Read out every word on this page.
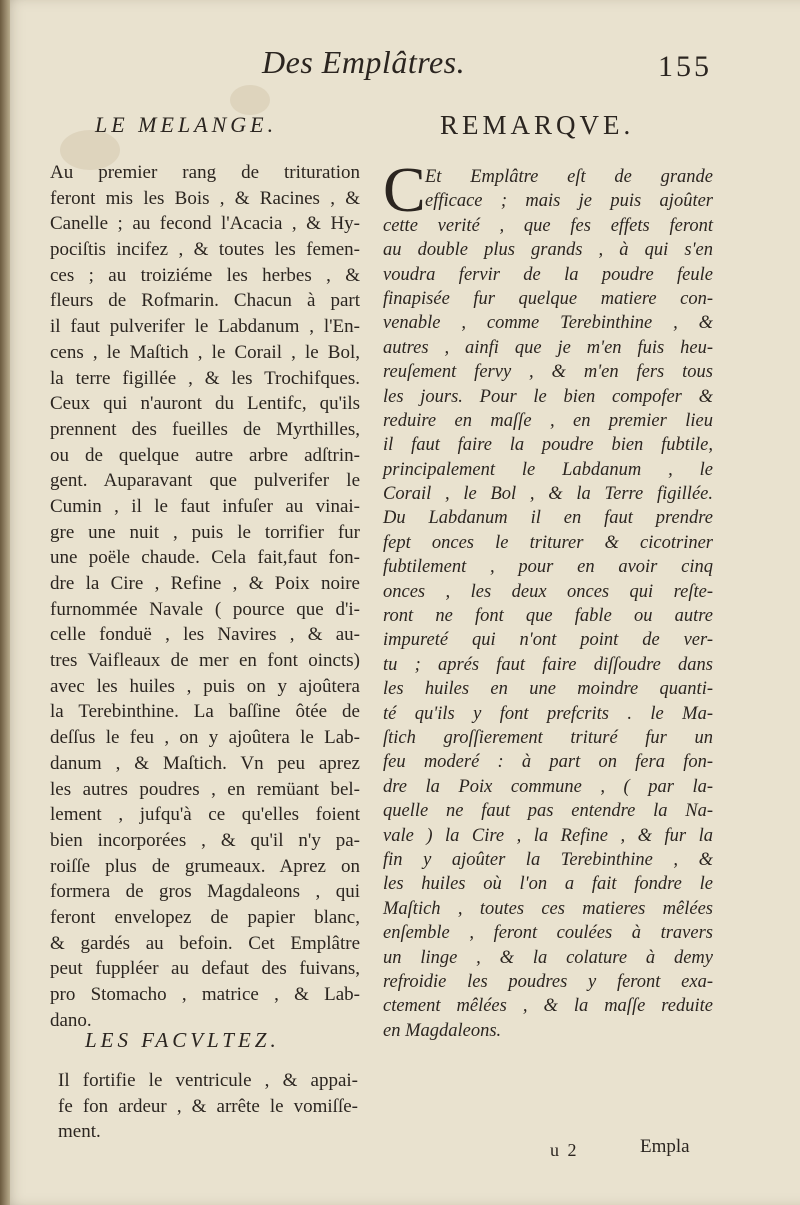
Des Emplâtres.	155
LE MELANGE.	REMARQVE.
Au premier rang de trituration
feront mis les Bois , & Racines , &
Canelle ; au fecond l'Acacia , & Hy-
pociſtis incifez , & toutes les femen-
ces ; au troiziéme les herbes , &
fleurs de Rofmarin. Chacun à part
il faut pulverifer le Labdanum , l'En-
cens , le Maſtich , le Corail , le Bol,
la terre figillée , & les Trochifques.
Ceux qui n'auront du Lentifc, qu'ils
prennent des fueilles de Myrthilles,
ou de quelque autre arbre adſtrin-
gent. Auparavant que pulverifer le
Cumin , il le faut infuſer au vinai-
gre une nuit , puis le torrifier fur
une poële chaude. Cela fait,faut fon-
dre la Cire , Refine , & Poix noire
furnommée Navale ( pource que d'i-
celle fonduë , les Navires , & au-
tres Vaifleaux de mer en font oincts)
avec les huiles , puis on y ajoûtera
la Terebinthine. La baſſine ôtée de
deſſus le feu , on y ajoûtera le Lab-
danum , & Maſtich. Vn peu aprez
les autres poudres , en remüant bel-
lement , jufqu'à ce qu'elles foient
bien incorporées , & qu'il n'y pa-
roiſſe plus de grumeaux. Aprez on
formera de gros Magdaleons , qui
feront envelopez de papier blanc,
& gardés au befoin. Cet Emplâtre
peut fuppléer au defaut des fuivans,
pro Stomacho , matrice , & Lab-
dano.
C Et Emplâtre eſt de grande
efficace ; mais je puis ajoûter
cette verité , que fes effets feront
au double plus grands , à qui s'en
voudra fervir de la poudre feule
finapisée fur quelque matiere con-
venable , comme Terebinthine , &
autres , ainfi que je m'en fuis heu-
reuſement fervy , & m'en fers tous
les jours. Pour le bien compofer &
reduire en maſſe , en premier lieu
il faut faire la poudre bien fubtile,
principalement le Labdanum , le
Corail , le Bol , & la Terre figillée.
Du Labdanum il en faut prendre
fept onces le triturer & cicotriner
fubtilement , pour en avoir cinq
onces , les deux onces qui reſte-
ront ne font que fable ou autre
impureté qui n'ont point de ver-
tu ; aprés faut faire diſſoudre dans
les huiles en une moindre quanti-
té qu'ils y font prefcrits . le Ma-
ſtich groſſierement trituré fur un
feu moderé : à part on fera fon-
dre la Poix commune , ( par la-
quelle ne faut pas entendre la Na-
vale ) la Cire , la Refine , & fur la
fin y ajoûter la Terebinthine , &
les huiles où l'on a fait fondre le
Maſtich , toutes ces matieres mêlées
enſemble , feront coulées à travers
un linge , & la colature à demy
refroidie les poudres y feront exa-
ctement mêlées , & la maſſe reduite
en Magdaleons.
LES FACVLTEZ.
Il fortifie le ventricule , & appai-
fe fon ardeur , & arrête le vomiſſe-
ment.
u 2	Empla
